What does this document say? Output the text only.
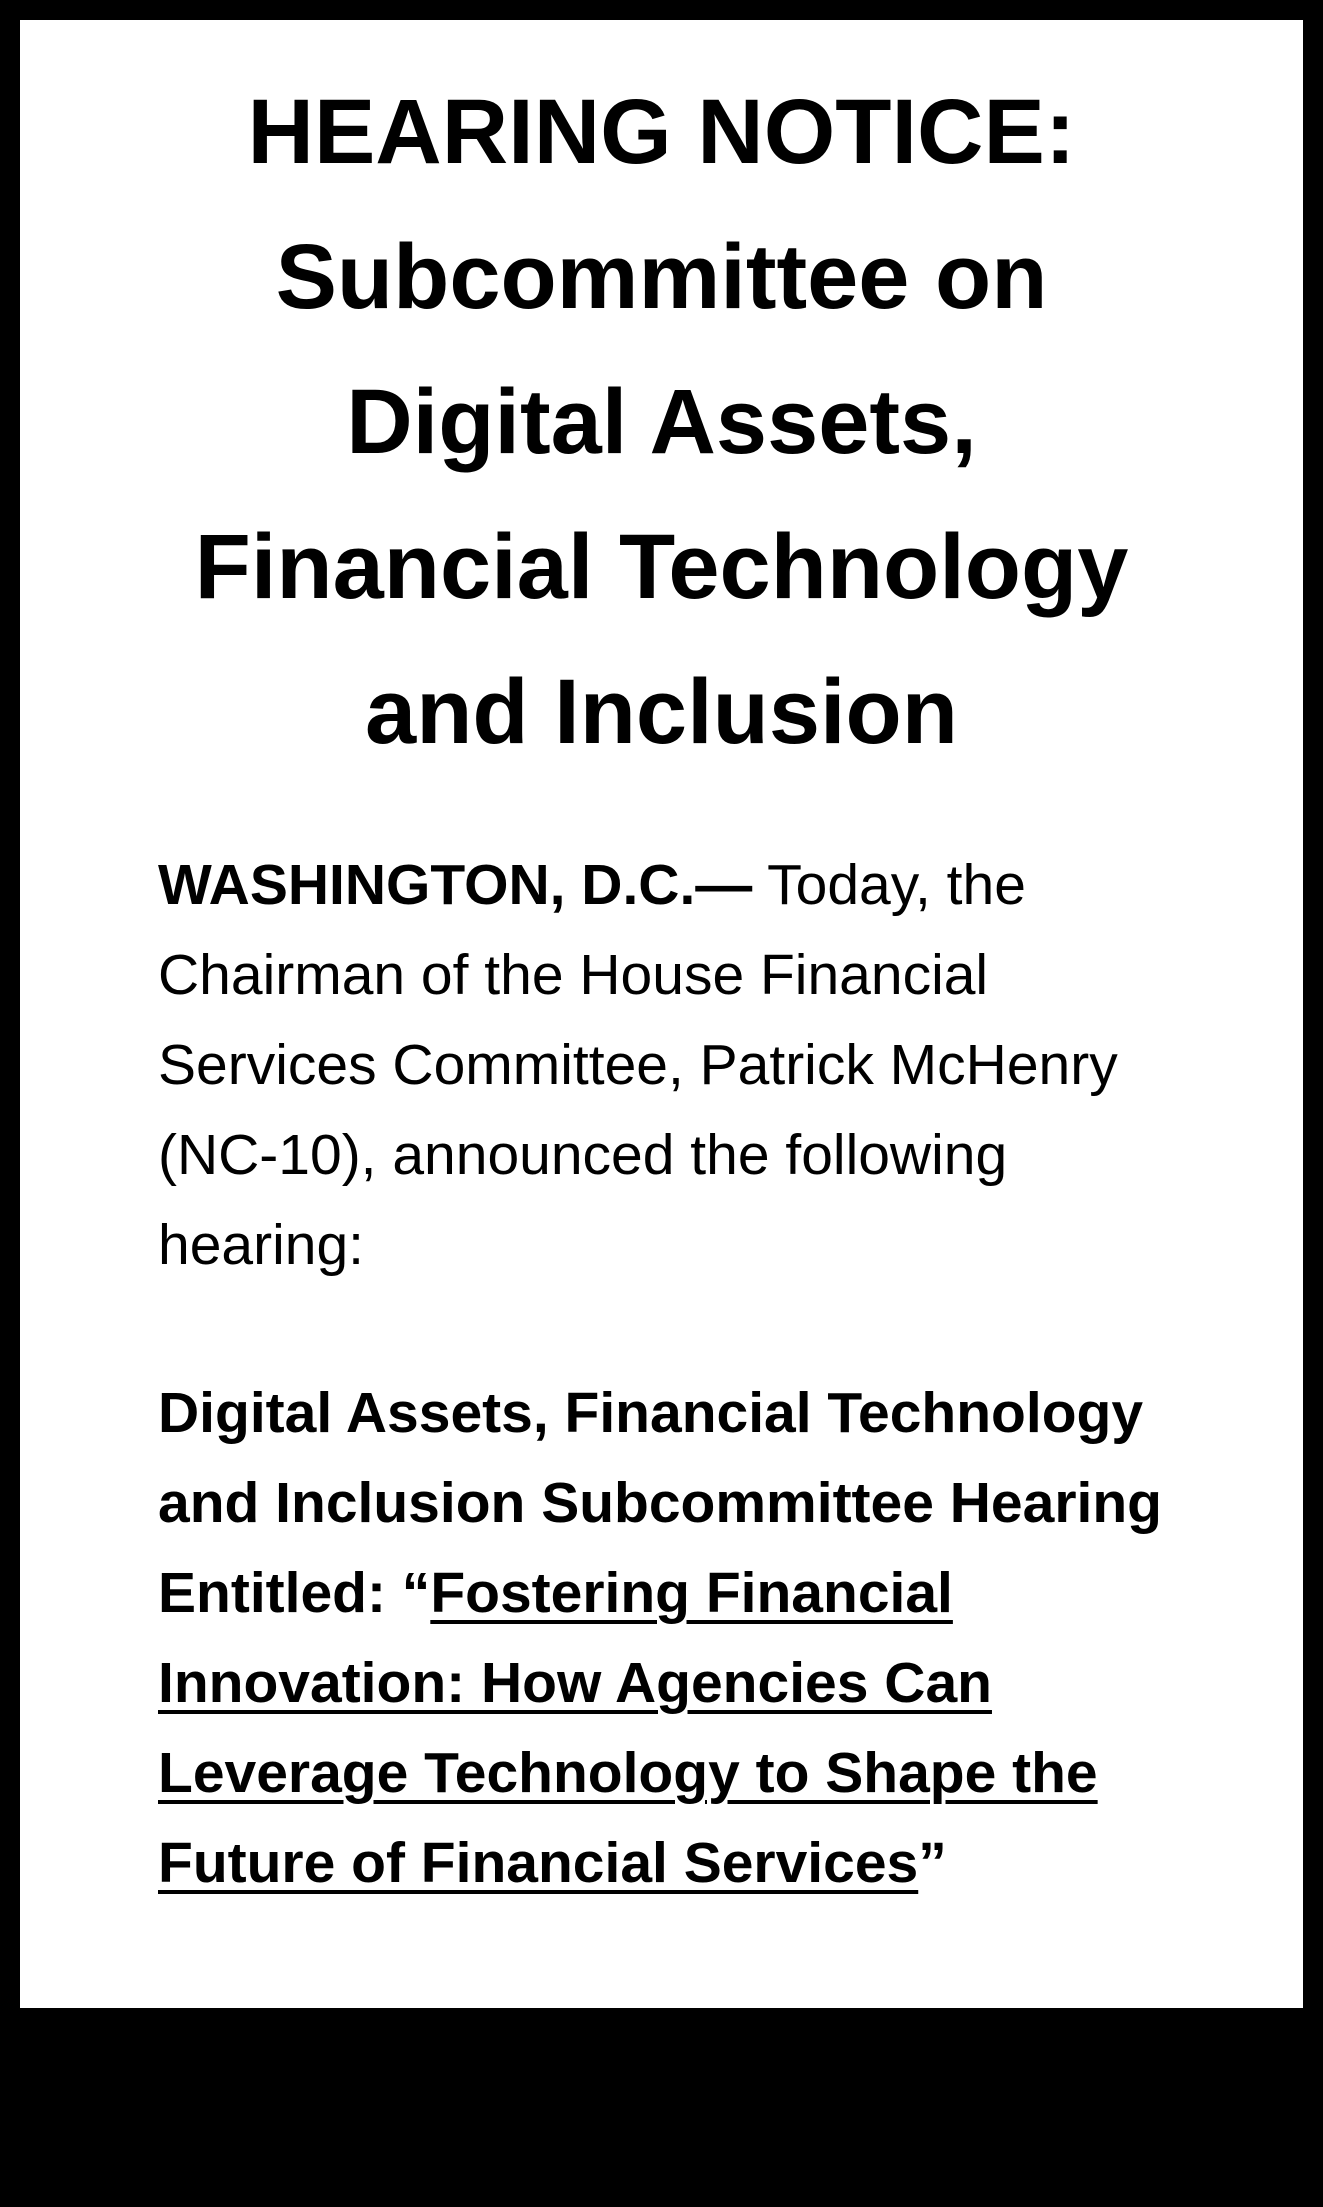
HEARING NOTICE:
Subcommittee on
Digital Assets,
Financial Technology
and Inclusion

WASHINGTON, D.C.— Today, the Chairman of the House Financial Services Committee, Patrick McHenry (NC-10), announced the following hearing:

Digital Assets, Financial Technology and Inclusion Subcommittee Hearing Entitled: “Fostering Financial Innovation: How Agencies Can Leverage Technology to Shape the Future of Financial Services”
